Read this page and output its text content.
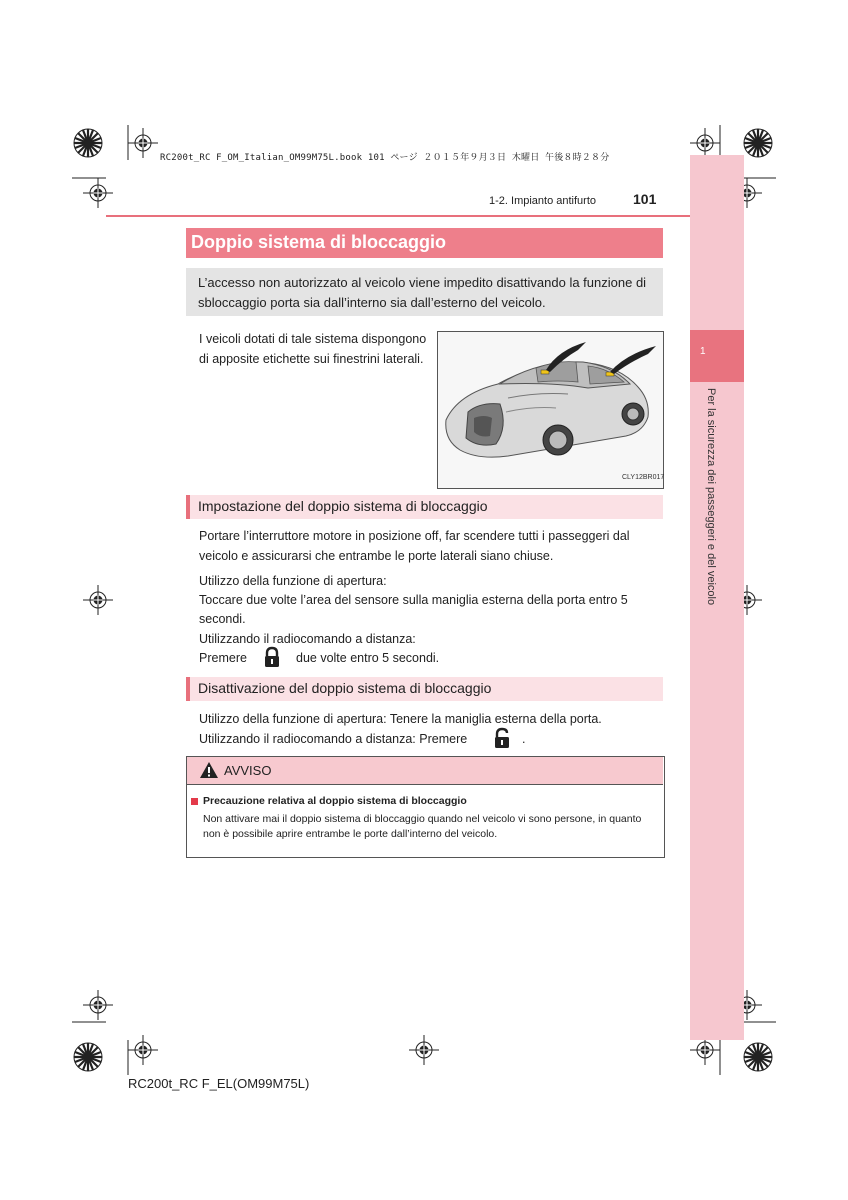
RC200t_RC F_OM_Italian_OM99M75L.book 101 ページ ２０１５年９月３日 木曜日 午後８時２８分
1
Per la sicurezza dei passeggeri e del veicolo
1-2. Impianto antifurto	101
Doppio sistema di bloccaggio
L’accesso non autorizzato al veicolo viene impedito disattivando la funzione di sbloccaggio porta sia dall’interno sia dall’esterno del veicolo.
I veicoli dotati di tale sistema dispongono di apposite etichette sui finestrini laterali.
CLY12BR017
Impostazione del doppio sistema di bloccaggio
Portare l’interruttore motore in posizione off, far scendere tutti i passeggeri dal
veicolo e assicurarsi che entrambe le porte laterali siano chiuse.
Utilizzo della funzione di apertura:
Toccare due volte l’area del sensore sulla maniglia esterna della porta entro 5
secondi.
Utilizzando il radiocomando a distanza:
Premere	due volte entro 5 secondi.
Disattivazione del doppio sistema di bloccaggio
Utilizzo della funzione di apertura: Tenere la maniglia esterna della porta.
Utilizzando il radiocomando a distanza: Premere	.
AVVISO
Precauzione relativa al doppio sistema di bloccaggio
Non attivare mai il doppio sistema di bloccaggio quando nel veicolo vi sono persone, in quanto non è possibile aprire entrambe le porte dall’interno del veicolo.
RC200t_RC F_EL(OM99M75L)
